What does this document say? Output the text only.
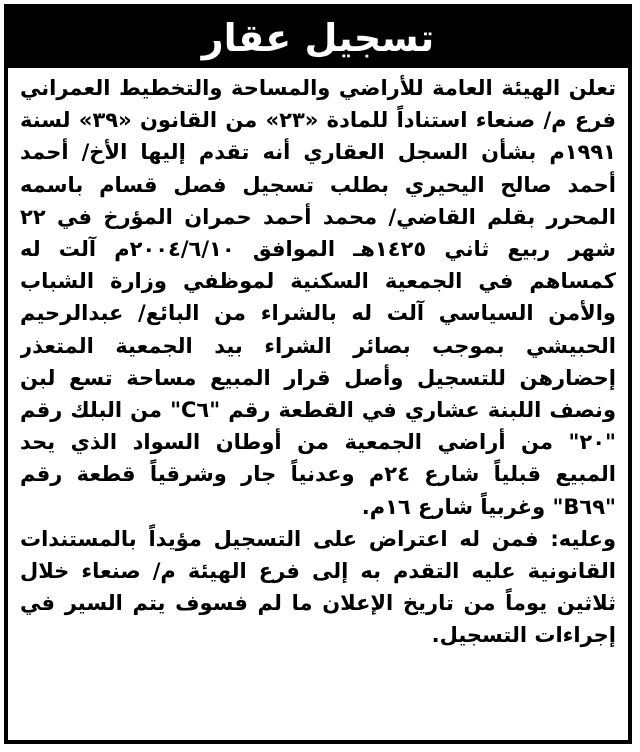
تسجيل عقار

تعلن الهيئة العامة للأراضي والمساحة والتخطيط العمراني فرع م/ صنعاء استناداً للمادة «٢٣» من القانون «٣٩» لسنة ١٩٩١م بشأن السجل العقاري أنه تقدم إليها الأخ/ أحمد أحمد صالح اليحيري بطلب تسجيل فصل قسام باسمه المحرر بقلم القاضي/ محمد أحمد حمران المؤرخ في ٢٢ شهر ربيع ثاني ١٤٢٥هـ الموافق ٢٠٠٤/٦/١٠م آلت له كمساهم في الجمعية السكنية لموظفي وزارة الشباب والأمن السياسي آلت له بالشراء من البائع/ عبدالرحيم الحبيشي بموجب بصائر الشراء بيد الجمعية المتعذر إحضارهن للتسجيل وأصل قرار المبيع مساحة تسع لبن ونصف اللبنة عشاري في القطعة رقم "C٦" من البلك رقم "٢٠" من أراضي الجمعية من أوطان السواد الذي يحد المبيع قبلياً شارع ٢٤م وعدنياً جار وشرقياً قطعة رقم "B٦٩" وغربياً شارع ١٦م.

وعليه: فمن له اعتراض على التسجيل مؤيداً بالمستندات القانونية عليه التقدم به إلى فرع الهيئة م/ صنعاء خلال ثلاثين يوماً من تاريخ الإعلان ما لم فسوف يتم السير في إجراءات التسجيل.
